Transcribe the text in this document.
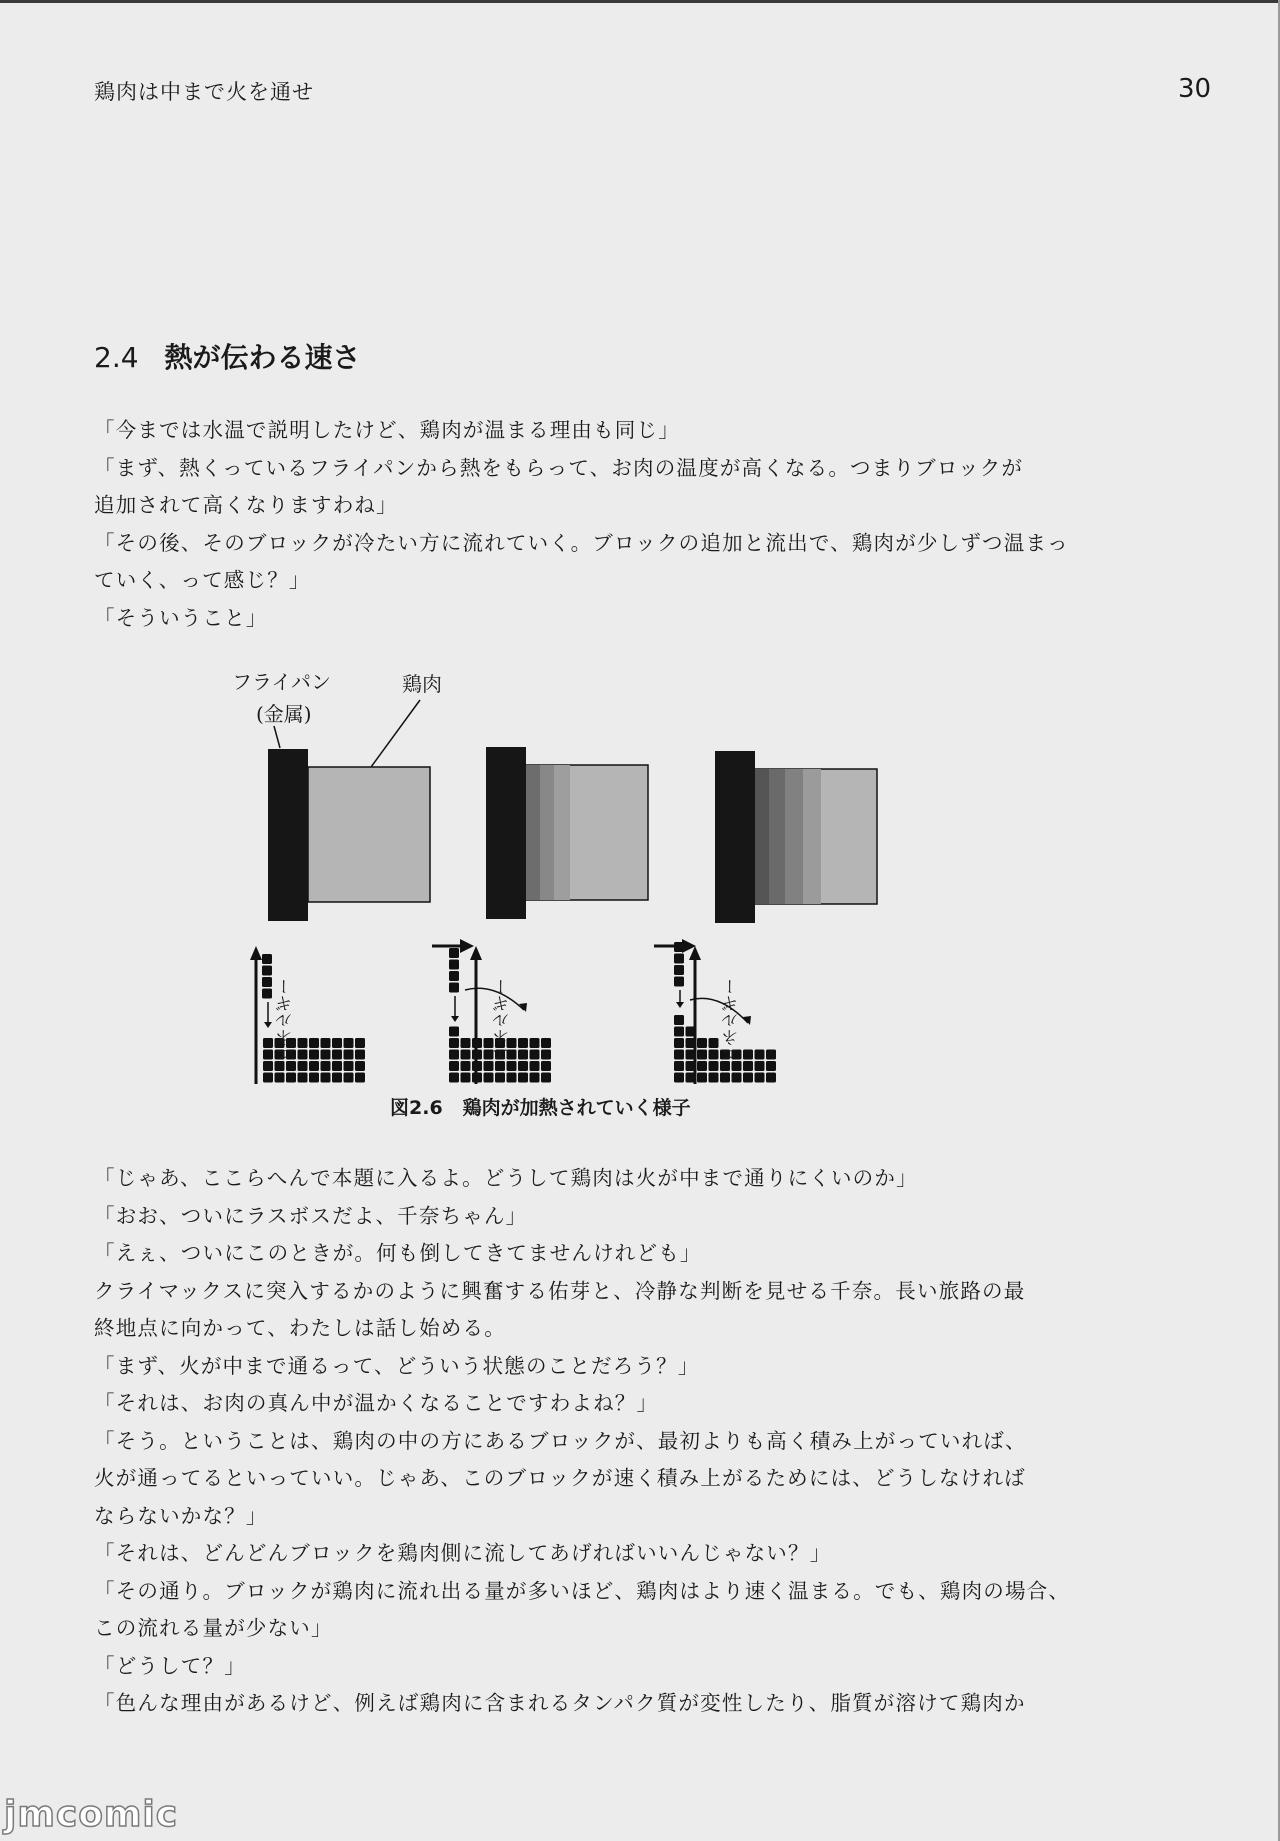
鶏肉は中まで火を通せ	30
2.4 熱が伝わる速さ
「今までは水温で説明したけど、鶏肉が温まる理由も同じ」
「まず、熱くっているフライパンから熱をもらって、お肉の温度が高くなる。つまりブロックが
追加されて高くなりますわね」
「その後、そのブロックが冷たい方に流れていく。ブロックの追加と流出で、鶏肉が少しずつ温まっ
ていく、って感じ？」
「そういうこと」
フライパン
(金属)
鶏肉
エネルギー	エネルギー	エネルギー
図2.6 鶏肉が加熱されていく様子
「じゃあ、ここらへんで本題に入るよ。どうして鶏肉は火が中まで通りにくいのか」
「おお、ついにラスボスだよ、千奈ちゃん」
「えぇ、ついにこのときが。何も倒してきてませんけれども」
クライマックスに突入するかのように興奮する佑芽と、冷静な判断を見せる千奈。長い旅路の最
終地点に向かって、わたしは話し始める。
「まず、火が中まで通るって、どういう状態のことだろう？」
「それは、お肉の真ん中が温かくなることですわよね？」
「そう。ということは、鶏肉の中の方にあるブロックが、最初よりも高く積み上がっていれば、
火が通ってるといっていい。じゃあ、このブロックが速く積み上がるためには、どうしなければ
ならないかな？」
「それは、どんどんブロックを鶏肉側に流してあげればいいんじゃない？」
「その通り。ブロックが鶏肉に流れ出る量が多いほど、鶏肉はより速く温まる。でも、鶏肉の場合、
この流れる量が少ない」
「どうして？」
「色んな理由があるけど、例えば鶏肉に含まれるタンパク質が変性したり、脂質が溶けて鶏肉か
jmcomic
